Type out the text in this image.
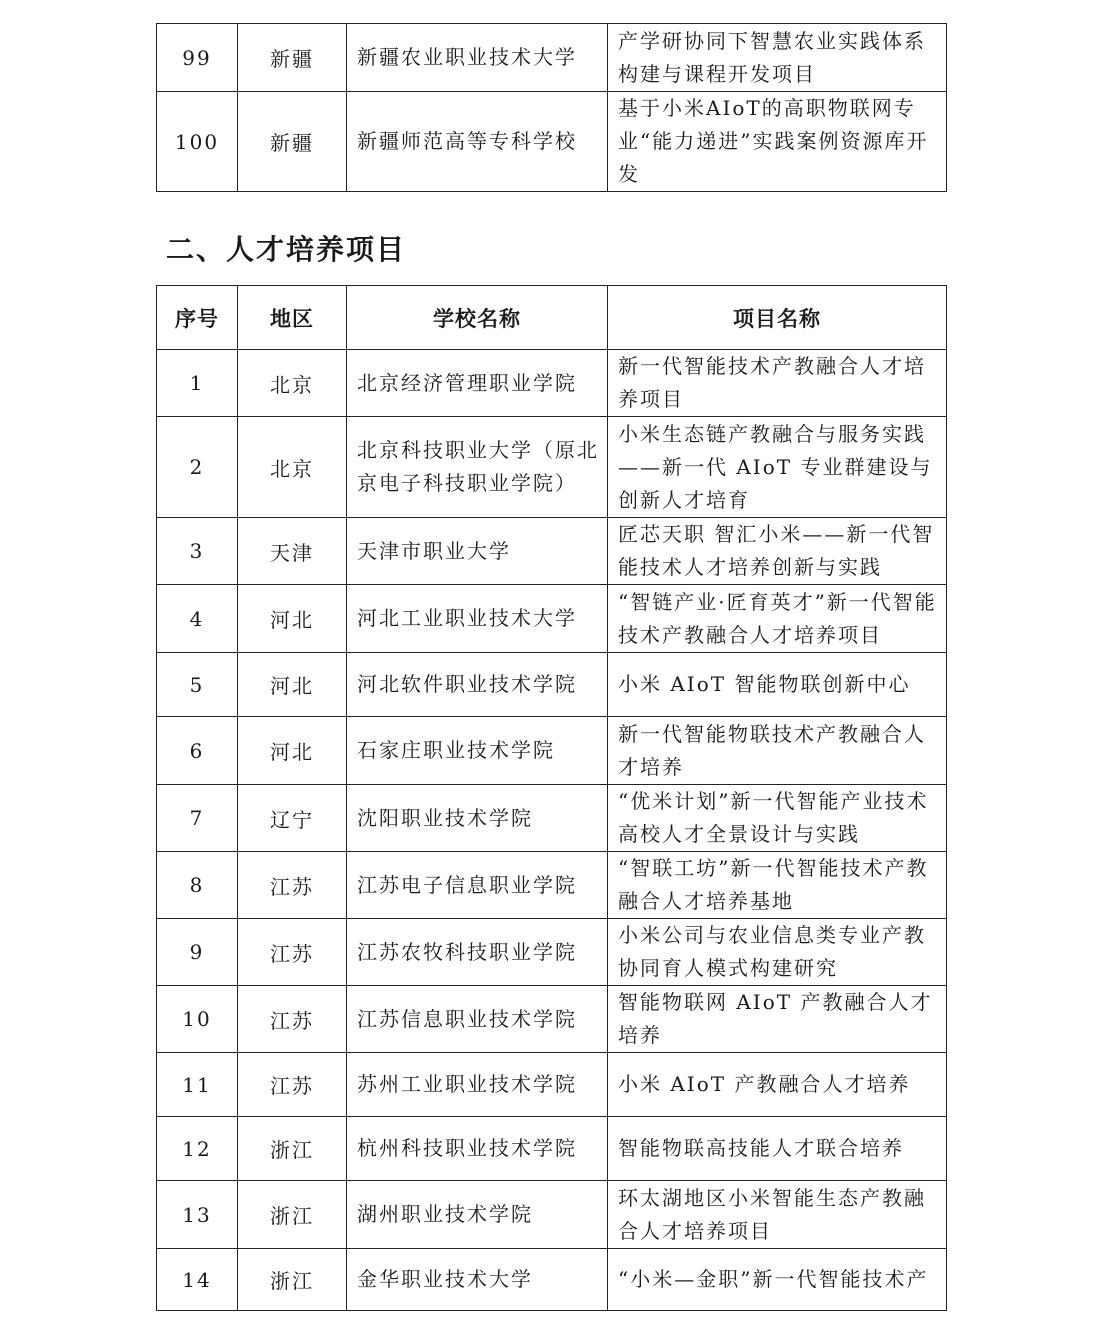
99	新疆	新疆农业职业技术大学	产学研协同下智慧农业实践体系构建与课程开发项目
100	新疆	新疆师范高等专科学校	基于小米AIoT的高职物联网专业“能力递进”实践案例资源库开发
二、人才培养项目
序号	地区	学校名称	项目名称
1	北京	北京经济管理职业学院	新一代智能技术产教融合人才培养项目
2	北京	北京科技职业大学（原北京电子科技职业学院）	小米生态链产教融合与服务实践——新一代 AIoT 专业群建设与创新人才培育
3	天津	天津市职业大学	匠芯天职 智汇小米——新一代智能技术人才培养创新与实践
4	河北	河北工业职业技术大学	“智链产业·匠育英才”新一代智能技术产教融合人才培养项目
5	河北	河北软件职业技术学院	小米 AIoT 智能物联创新中心
6	河北	石家庄职业技术学院	新一代智能物联技术产教融合人才培养
7	辽宁	沈阳职业技术学院	“优米计划”新一代智能产业技术高校人才全景设计与实践
8	江苏	江苏电子信息职业学院	“智联工坊”新一代智能技术产教融合人才培养基地
9	江苏	江苏农牧科技职业学院	小米公司与农业信息类专业产教协同育人模式构建研究
10	江苏	江苏信息职业技术学院	智能物联网 AIoT 产教融合人才培养
11	江苏	苏州工业职业技术学院	小米 AIoT 产教融合人才培养
12	浙江	杭州科技职业技术学院	智能物联高技能人才联合培养
13	浙江	湖州职业技术学院	环太湖地区小米智能生态产教融合人才培养项目
14	浙江	金华职业技术大学	“小米—金职”新一代智能技术产
